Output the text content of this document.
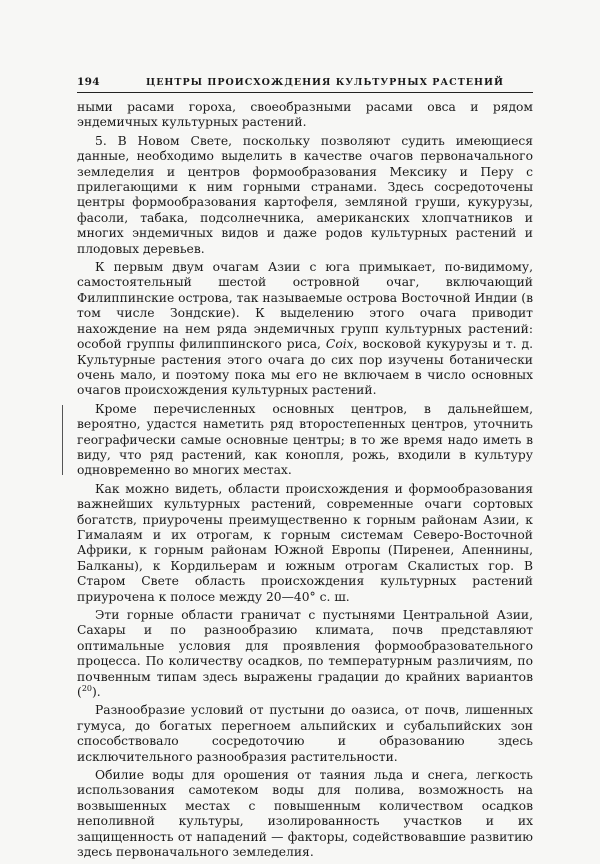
194	ЦЕНТРЫ ПРОИСХОЖДЕНИЯ КУЛЬТУРНЫХ РАСТЕНИЙ

ными расами гороха, своеобразными расами овса и рядом эндемичных культурных растений.

5. В Новом Свете, поскольку позволяют судить имеющиеся данные, необходимо выделить в качестве очагов первоначального земледелия и центров формообразования Мексику и Перу с прилегающими к ним горными странами. Здесь сосредоточены центры формообразования картофеля, земляной груши, кукурузы, фасоли, табака, подсолнечника, американских хлопчатников и многих эндемичных видов и даже родов культурных растений и плодовых деревьев.

К первым двум очагам Азии с юга примыкает, по-видимому, самостоятельный шестой островной очаг, включающий Филиппинские острова, так называемые острова Восточной Индии (в том числе Зондские). К выделению этого очага приводит нахождение на нем ряда эндемичных групп культурных растений: особой группы филиппинского риса, Coix, восковой кукурузы и т. д. Культурные растения этого очага до сих пор изучены ботанически очень мало, и поэтому пока мы его не включаем в число основных очагов происхождения культурных растений.

Кроме перечисленных основных центров, в дальнейшем, вероятно, удастся наметить ряд второстепенных центров, уточнить географически самые основные центры; в то же время надо иметь в виду, что ряд растений, как конопля, рожь, входили в культуру одновременно во многих местах.

Как можно видеть, области происхождения и формообразования важнейших культурных растений, современные очаги сортовых богатств, приурочены преимущественно к горным районам Азии, к Гималаям и их отрогам, к горным системам Северо-Восточной Африки, к горным районам Южной Европы (Пиренеи, Апеннины, Балканы), к Кордильерам и южным отрогам Скалистых гор. В Старом Свете область происхождения культурных растений приурочена к полосе между 20—40° с. ш.

Эти горные области граничат с пустынями Центральной Азии, Сахары и по разнообразию климата, почв представляют оптимальные условия для проявления формообразовательного процесса. По количеству осадков, по температурным различиям, по почвенным типам здесь выражены градации до крайних вариантов ($^{20}$).

Разнообразие условий от пустыни до оазиса, от почв, лишенных гумуса, до богатых перегноем альпийских и субальпийских зон способствовало сосредоточию и образованию здесь исключительного разнообразия растительности.

Обилие воды для орошения от таяния льда и снега, легкость использования самотеком воды для полива, возможность на возвышенных местах с повышенным количеством осадков неполивной культуры, изолированность участков и их защищенность от нападений — факторы, содействовавшие развитию здесь первоначального земледелия.
